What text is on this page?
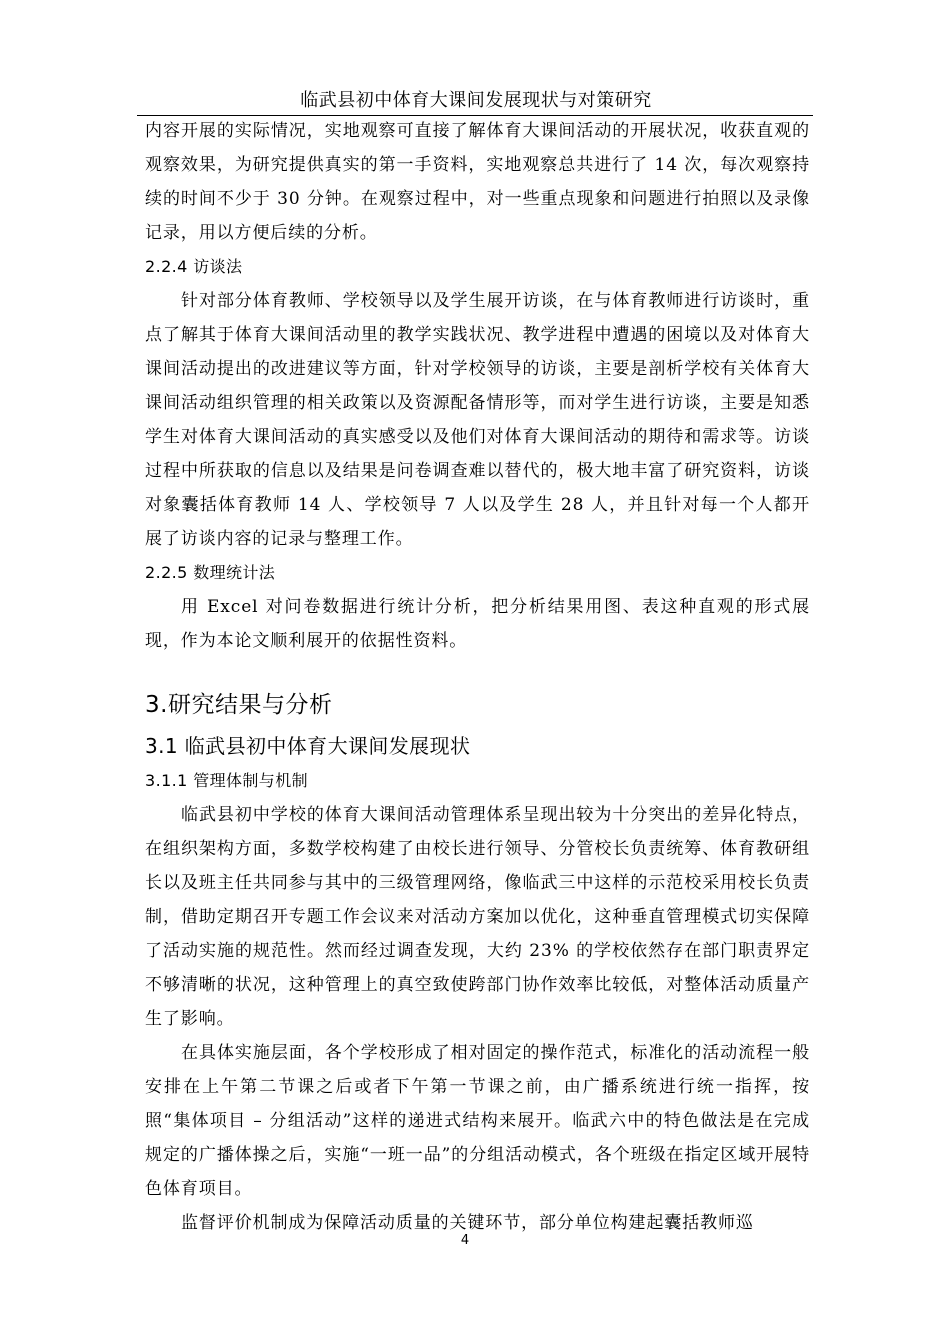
临武县初中体育大课间发展现状与对策研究

内容开展的实际情况，实地观察可直接了解体育大课间活动的开展状况，收获直观的观察效果，为研究提供真实的第一手资料，实地观察总共进行了 14 次，每次观察持续的时间不少于 30 分钟。在观察过程中，对一些重点现象和问题进行拍照以及录像记录，用以方便后续的分析。

2.2.4 访谈法

针对部分体育教师、学校领导以及学生展开访谈，在与体育教师进行访谈时，重点了解其于体育大课间活动里的教学实践状况、教学进程中遭遇的困境以及对体育大课间活动提出的改进建议等方面，针对学校领导的访谈，主要是剖析学校有关体育大课间活动组织管理的相关政策以及资源配备情形等，而对学生进行访谈，主要是知悉学生对体育大课间活动的真实感受以及他们对体育大课间活动的期待和需求等。访谈过程中所获取的信息以及结果是问卷调查难以替代的，极大地丰富了研究资料，访谈对象囊括体育教师 14 人、学校领导 7 人以及学生 28 人，并且针对每一个人都开展了访谈内容的记录与整理工作。

2.2.5 数理统计法

用 Excel 对问卷数据进行统计分析，把分析结果用图、表这种直观的形式展现，作为本论文顺利展开的依据性资料。

3.研究结果与分析
3.1 临武县初中体育大课间发展现状
3.1.1 管理体制与机制

临武县初中学校的体育大课间活动管理体系呈现出较为十分突出的差异化特点，在组织架构方面，多数学校构建了由校长进行领导、分管校长负责统筹、体育教研组长以及班主任共同参与其中的三级管理网络，像临武三中这样的示范校采用校长负责制，借助定期召开专题工作会议来对活动方案加以优化，这种垂直管理模式切实保障了活动实施的规范性。然而经过调查发现，大约 23% 的学校依然存在部门职责界定不够清晰的状况，这种管理上的真空致使跨部门协作效率比较低，对整体活动质量产生了影响。

在具体实施层面，各个学校形成了相对固定的操作范式，标准化的活动流程一般安排在上午第二节课之后或者下午第一节课之前，由广播系统进行统一指挥，按照“集体项目 – 分组活动”这样的递进式结构来展开。临武六中的特色做法是在完成规定的广播体操之后，实施“一班一品”的分组活动模式，各个班级在指定区域开展特色体育项目。

监督评价机制成为保障活动质量的关键环节，部分单位构建起囊括教师巡

4
